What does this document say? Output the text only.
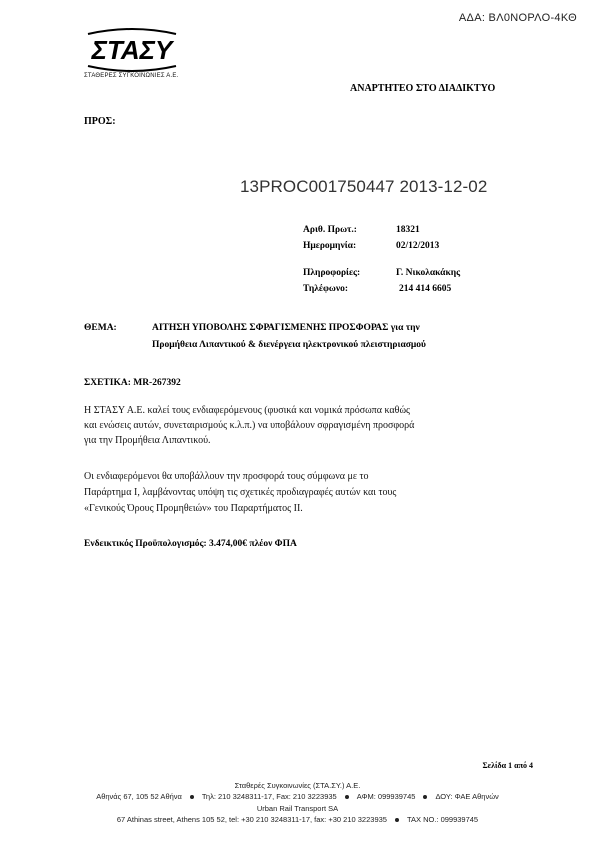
ΑΔΑ: ΒΛ0ΝΟΡΛΟ-4ΚΘ
ΣΤΑΣΥ
ΣΤΑΘΕΡΕΣ ΣΥΓΚΟΙΝΩΝΙΕΣ Α.Ε.
ΑΝΑΡΤΗΤΕΟ ΣΤΟ ΔΙΑΔΙΚΤΥΟ
ΠΡΟΣ:
13PROC001750447 2013-12-02
Αριθ. Πρωτ.:	18321
Ημερομηνία:	02/12/2013
Πληροφορίες:	Γ. Νικολακάκης
Τηλέφωνο:	214 414 6605
ΘΕΜΑ:	ΑΙΤΗΣΗ ΥΠΟΒΟΛΗΣ ΣΦΡΑΓΙΣΜΕΝΗΣ ΠΡΟΣΦΟΡΑΣ για την
Προμήθεια Λιπαντικού & διενέργεια ηλεκτρονικού πλειστηριασμού
ΣΧΕΤΙΚΑ: MR-267392
Η ΣΤΑΣΥ Α.Ε. καλεί τους ενδιαφερόμενους (φυσικά και νομικά πρόσωπα καθώς
και ενώσεις αυτών, συνεταιρισμούς κ.λ.π.) να υποβάλουν σφραγισμένη προσφορά
για την Προμήθεια Λιπαντικού.
Οι ενδιαφερόμενοι θα υποβάλλουν την προσφορά τους σύμφωνα με το
Παράρτημα Ι, λαμβάνοντας υπόψη τις σχετικές προδιαγραφές αυτών και τους
«Γενικούς Όρους Προμηθειών» του Παραρτήματος ΙΙ.
Ενδεικτικός Προϋπολογισμός: 3.474,00€ πλέον ΦΠΑ
Σελίδα 1 από 4
Σταθερές Συγκοινωνίες (ΣΤΑ.ΣΥ.) Α.Ε.
Αθηνάς 67, 105 52 Αθήνα	Τηλ: 210 3248311-17, Fax: 210 3223935	ΑΦΜ: 099939745	ΔΟΥ: ΦΑΕ Αθηνών
Urban Rail Transport SA
67 Athinas street, Athens 105 52, tel: +30 210 3248311-17, fax: +30 210 3223935	TAX NO.: 099939745
